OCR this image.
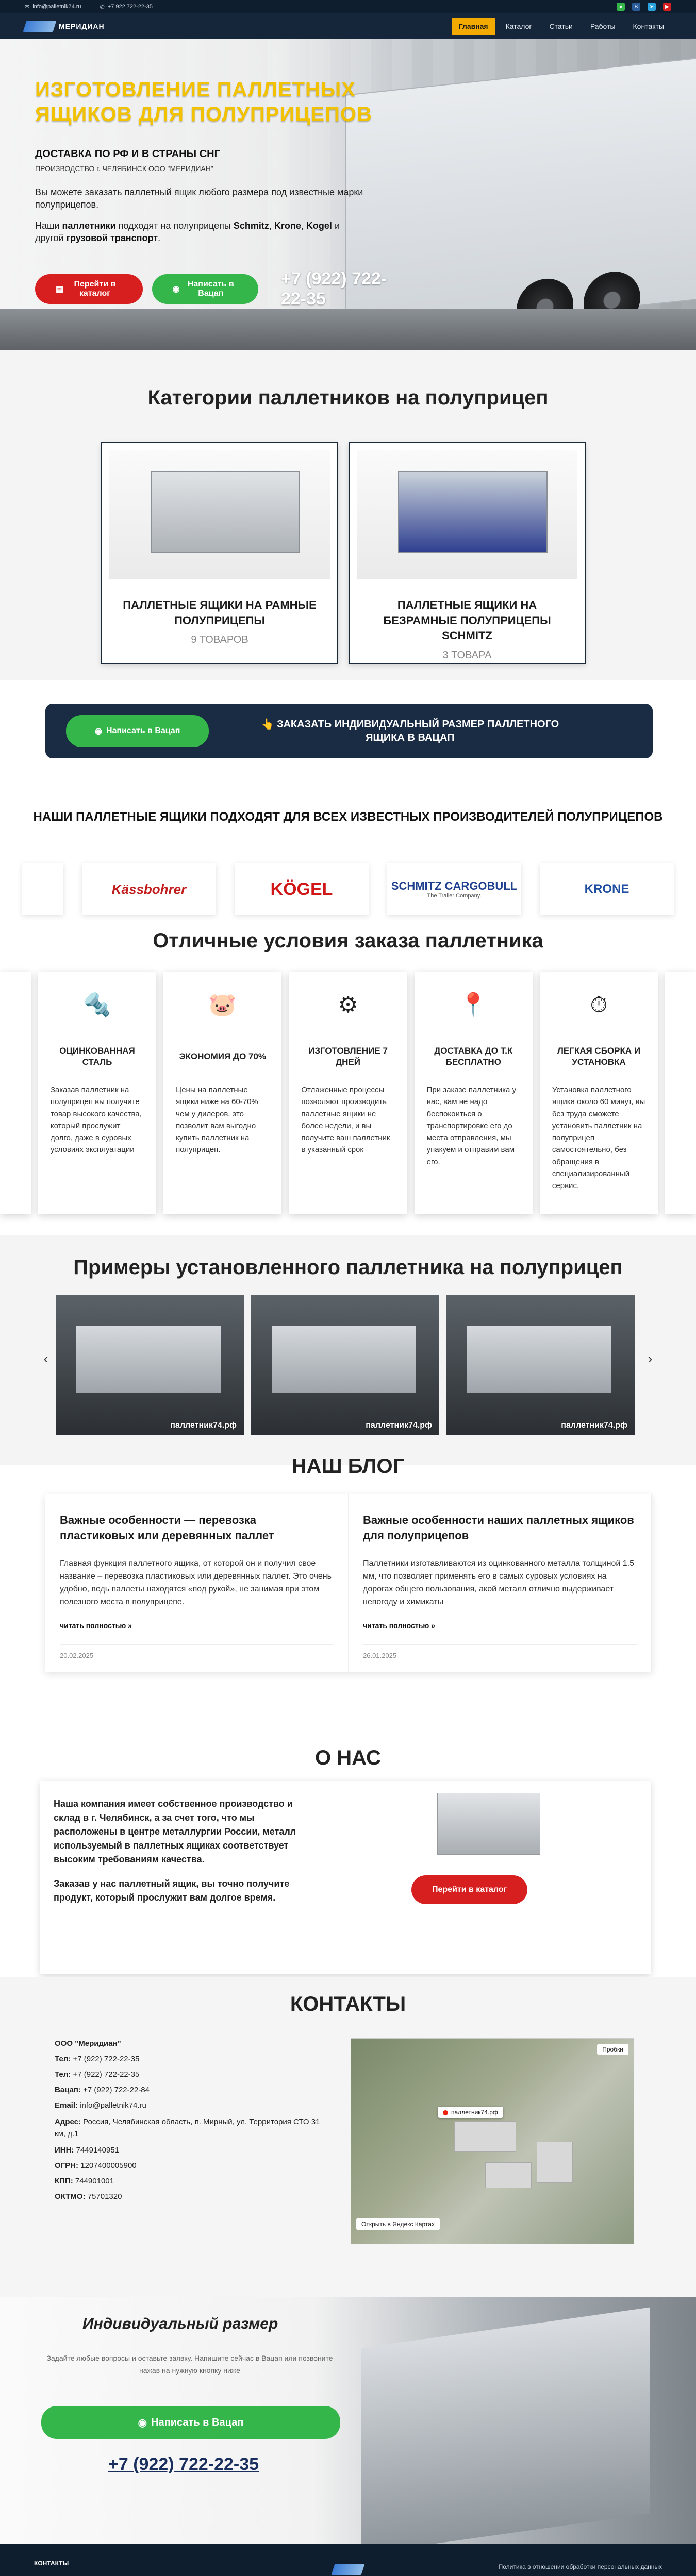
✉ info@palletnik74.ru	✆ +7 922 722-22-35	●	В	➤	▶
МЕРИДИАН	Главная	Каталог	Статьи	Работы	Контакты
ИЗГОТОВЛЕНИЕ ПАЛЛЕТНЫХ ЯЩИКОВ ДЛЯ ПОЛУПРИЦЕПОВ
ДОСТАВКА ПО РФ И В СТРАНЫ СНГ
ПРОИЗВОДСТВО г. ЧЕЛЯБИНСК ООО "МЕРИДИАН"

Вы можете заказать паллетный ящик любого размера под известные марки полуприцепов.

Наши паллетники подходят на полуприцепы Schmitz, Krone, Kogel и другой грузовой транспорт.

▦
Перейти в каталог	◉
Написать в Вацап
+7 (922) 722-22-35
Категории паллетников на полуприцеп
ПАЛЛЕТНЫЕ ЯЩИКИ НА РАМНЫЕ ПОЛУПРИЦЕПЫ
9 ТОВАРОВ
ПАЛЛЕТНЫЕ ЯЩИКИ НА БЕЗРАМНЫЕ ПОЛУПРИЦЕПЫ SCHMITZ
3 ТОВАРА
◉ Написать в Вацап
👆 ЗАКАЗАТЬ ИНДИВИДУАЛЬНЫЙ РАЗМЕР ПАЛЛЕТНОГО ЯЩИКА В ВАЦАП
НАШИ ПАЛЛЕТНЫЕ ЯЩИКИ ПОДХОДЯТ ДЛЯ ВСЕХ ИЗВЕСТНЫХ ПРОИЗВОДИТЕЛЕЙ ПОЛУПРИЦЕПОВ
Kässbohrer	KÖGEL	SCHMITZ CARGOBULL
The Trailer Company.	KRONE
Отличные условия заказа паллетника
🔩
ОЦИНКОВАННАЯ СТАЛЬ

Заказав паллетник на полуприцеп вы получите товар высокого качества, который прослужит долго, даже в суровых условиях эксплуатации

🐷
ЭКОНОМИЯ ДО 70%

Цены на паллетные ящики ниже на 60-70% чем у дилеров, это позволит вам выгодно купить паллетник на полуприцеп.

⚙
ИЗГОТОВЛЕНИЕ 7 ДНЕЙ

Отлаженные процессы позволяют производить паллетные ящики не более недели, и вы получите ваш паллетник в указанный срок

📍
ДОСТАВКА ДО Т.К БЕСПЛАТНО

При заказе паллетника у нас, вам не надо беспокоиться о транспортировке его до места отправления, мы упакуем и отправим вам его.

⏱
ЛЕГКАЯ СБОРКА И УСТАНОВКА

Установка паллетного ящика около 60 минут, вы без труда сможете установить паллетник на полуприцеп самостоятельно, без обращения в специализированный сервис.

Примеры установленного паллетника на полуприцеп
паллетник74.рф	паллетник74.рф	паллетник74.рф
‹	›
НАШ БЛОГ
Важные особенности — перевозка пластиковых или деревянных паллет

Главная функция паллетного ящика, от которой он и получил свое название – перевозка пластиковых или деревянных паллет. Это очень удобно, ведь паллеты находятся «под рукой», не занимая при этом полезного места в полуприцепе.

читать полностью »
20.02.2025
Важные особенности наших паллетных ящиков для полуприцепов

Паллетники изготавливаются из оцинкованного металла толщиной 1.5 мм, что позволяет применять его в самых суровых условиях на дорогах общего пользования, акой металл отлично выдерживает непогоду и химикаты

читать полностью »
26.01.2025
О НАС
Наша компания имеет собственное производство и склад в г. Челябинск, а за счет того, что мы расположены в центре металлургии России, металл используемый в паллетных ящиках соответствует высоким требованиям качества.
Заказав у нас паллетный ящик, вы точно получите продукт, который прослужит вам долгое время.
Перейти в каталог
КОНТАКТЫ
ООО "Меридиан"
Тел: +7 (922) 722-22-35
Тел: +7 (922) 722-22-35
Вацап: +7 (922) 722-22-84
Email: info@palletnik74.ru
Адрес: Россия, Челябинская область, п. Мирный, ул. Территория СТО 31 км, д.1
ИНН: 7449140951
ОГРН: 1207400005900
КПП: 744901001
ОКТМО: 75701320
паллетник74.рф
Пробки
Открыть в Яндекс Картах
Индивидуальный размер
Задайте любые вопросы и оставьте заявку. Напишите сейчас в Вацап или позвоните нажав на нужную кнопку ниже
◉ Написать в Вацап
+7 (922) 722-22-35
КОНТАКТЫ	Политика в отношении обработки персональных данных
